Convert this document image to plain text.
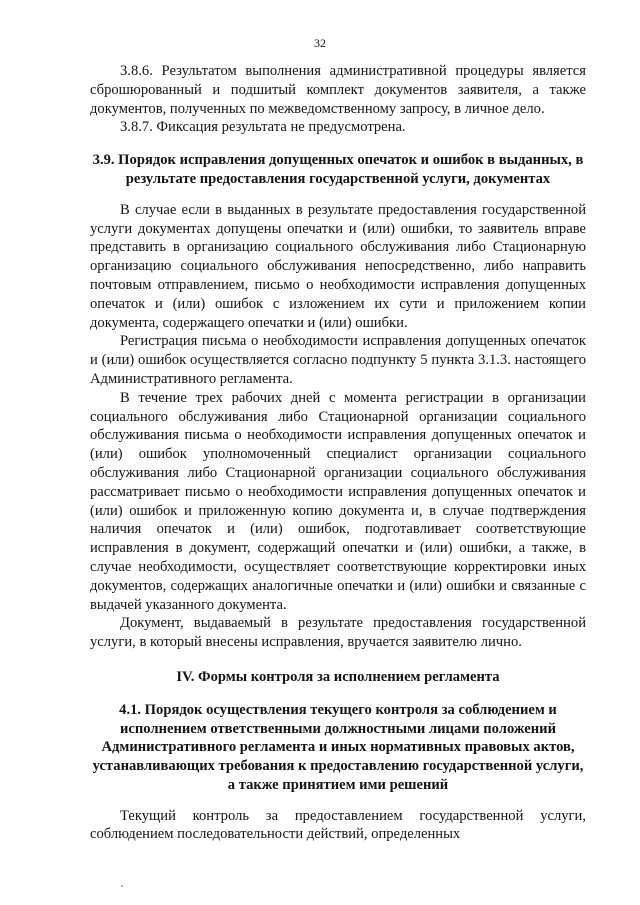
32

3.8.6. Результатом выполнения административной процедуры является сброшюрованный и подшитый комплект документов заявителя, а также документов, полученных по межведомственному запросу, в личное дело.

3.8.7. Фиксация результата не предусмотрена.

3.9. Порядок исправления допущенных опечаток и ошибок в выданных, в результате предоставления государственной услуги, документах

В случае если в выданных в результате предоставления государственной услуги документах допущены опечатки и (или) ошибки, то заявитель вправе представить в организацию социального обслуживания либо Стационарную организацию социального обслуживания непосредственно, либо направить почтовым отправлением, письмо о необходимости исправления допущенных опечаток и (или) ошибок с изложением их сути и приложением копии документа, содержащего опечатки и (или) ошибки.

Регистрация письма о необходимости исправления допущенных опечаток и (или) ошибок осуществляется согласно подпункту 5 пункта 3.1.3. настоящего Административного регламента.

В течение трех рабочих дней с момента регистрации в организации социального обслуживания либо Стационарной организации социального обслуживания письма о необходимости исправления допущенных опечаток и (или) ошибок уполномоченный специалист организации социального обслуживания либо Стационарной организации социального обслуживания рассматривает письмо о необходимости исправления допущенных опечаток и (или) ошибок и приложенную копию документа и, в случае подтверждения наличия опечаток и (или) ошибок, подготавливает соответствующие исправления в документ, содержащий опечатки и (или) ошибки, а также, в случае необходимости, осуществляет соответствующие корректировки иных документов, содержащих аналогичные опечатки и (или) ошибки и связанные с выдачей указанного документа.

Документ, выдаваемый в результате предоставления государственной услуги, в который внесены исправления, вручается заявителю лично.

IV. Формы контроля за исполнением регламента

4.1. Порядок осуществления текущего контроля за соблюдением и исполнением ответственными должностными лицами положений Административного регламента и иных нормативных правовых актов, устанавливающих требования к предоставлению государственной услуги, а также принятием ими решений

Текущий контроль за предоставлением государственной услуги, соблюдением последовательности действий, определенных
